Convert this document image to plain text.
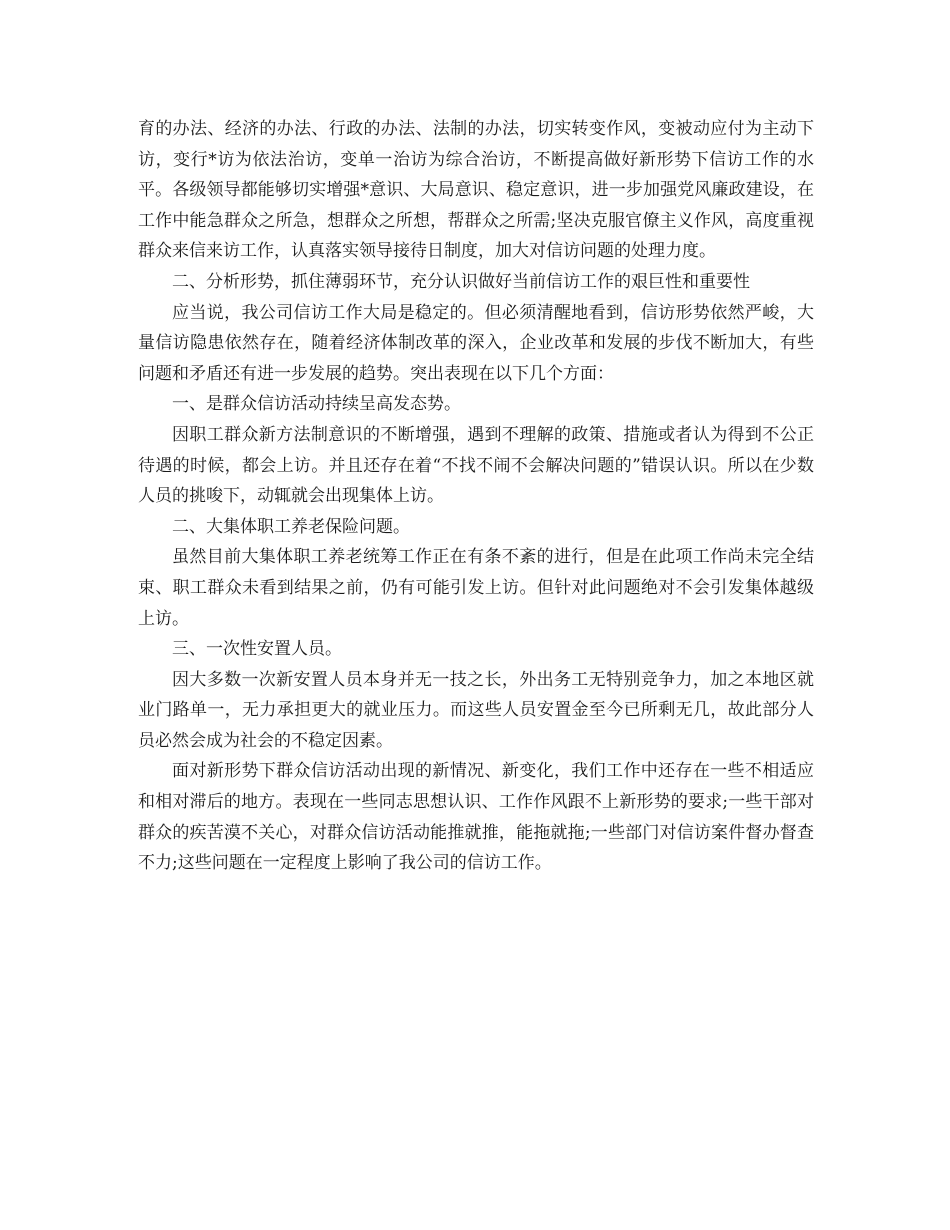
育的办法、经济的办法、行政的办法、法制的办法，切实转变作风，变被动应付为主动下访，变行*访为依法治访，变单一治访为综合治访，不断提高做好新形势下信访工作的水平。各级领导都能够切实增强*意识、大局意识、稳定意识，进一步加强党风廉政建设，在工作中能急群众之所急，想群众之所想，帮群众之所需;坚决克服官僚主义作风，高度重视群众来信来访工作，认真落实领导接待日制度，加大对信访问题的处理力度。

二、分析形势，抓住薄弱环节，充分认识做好当前信访工作的艰巨性和重要性

应当说，我公司信访工作大局是稳定的。但必须清醒地看到，信访形势依然严峻，大量信访隐患依然存在，随着经济体制改革的深入，企业改革和发展的步伐不断加大，有些问题和矛盾还有进一步发展的趋势。突出表现在以下几个方面：

一、是群众信访活动持续呈高发态势。

因职工群众新方法制意识的不断增强，遇到不理解的政策、措施或者认为得到不公正待遇的时候，都会上访。并且还存在着“不找不闹不会解决问题的”错误认识。所以在少数人员的挑唆下，动辄就会出现集体上访。

二、大集体职工养老保险问题。

虽然目前大集体职工养老统筹工作正在有条不紊的进行，但是在此项工作尚未完全结束、职工群众未看到结果之前，仍有可能引发上访。但针对此问题绝对不会引发集体越级上访。

三、一次性安置人员。

因大多数一次新安置人员本身并无一技之长，外出务工无特别竞争力，加之本地区就业门路单一，无力承担更大的就业压力。而这些人员安置金至今已所剩无几，故此部分人员必然会成为社会的不稳定因素。

面对新形势下群众信访活动出现的新情况、新变化，我们工作中还存在一些不相适应和相对滞后的地方。表现在一些同志思想认识、工作作风跟不上新形势的要求;一些干部对群众的疾苦漠不关心，对群众信访活动能推就推，能拖就拖;一些部门对信访案件督办督查不力;这些问题在一定程度上影响了我公司的信访工作。
